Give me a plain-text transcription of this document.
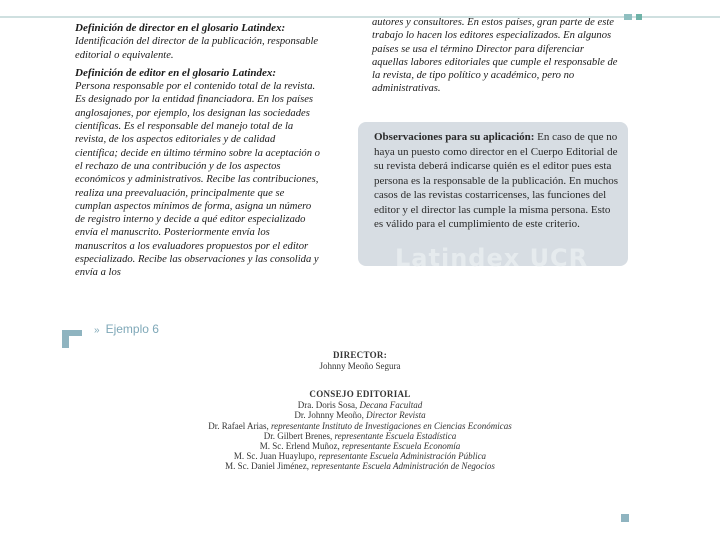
Definición de director en el glosario Latindex:

Identificación del director de la publicación, responsable editorial o equivalente.

Definición de editor en el glosario Latindex:

Persona responsable por el contenido total de la revista. Es designado por la entidad financiadora. En los países anglosajones, por ejemplo, los designan las sociedades científicas. Es el responsable del manejo total de la revista, de los aspectos editoriales y de calidad científica; decide en último término sobre la aceptación o el rechazo de una contribución y de los aspectos económicos y administrativos. Recibe las contribuciones, realiza una preevaluación, principalmente que se cumplan aspectos mínimos de forma, asigna un número de registro interno y decide a qué editor especializado envía el manuscrito. Posteriormente envía los manuscritos a los evaluadores propuestos por el editor especializado. Recibe las observaciones y las consolida y envía a los

autores y consultores. En estos países, gran parte de este trabajo lo hacen los editores especializados. En algunos países se usa el término Director para diferenciar aquellas labores editoriales que cumple el responsable de la revista, de tipo político y académico, pero no administrativas.

Observaciones para su aplicación: En caso de que no haya un puesto como director en el Cuerpo Editorial de su revista deberá indicarse quién es el editor pues esta persona es la responsable de la publicación. En muchos casos de las revistas costarricenses, las funciones del editor y el director las cumple la misma persona. Esto es válido para el cumplimiento de este criterio.
Latindex UCR
» Ejemplo 6
DIRECTOR:
Johnny Meoño Segura
CONSEJO EDITORIAL
Dra. Doris Sosa, Decana Facultad
Dr. Johnny Meoño, Director Revista
Dr. Rafael Arias, representante Instituto de Investigaciones en Ciencias Económicas
Dr. Gilbert Brenes, representante Escuela Estadística
M. Sc. Erlend Muñoz, representante Escuela Economía
M. Sc. Juan Huaylupo, representante Escuela Administración Pública
M. Sc. Daniel Jiménez, representante Escuela Administración de Negocios
